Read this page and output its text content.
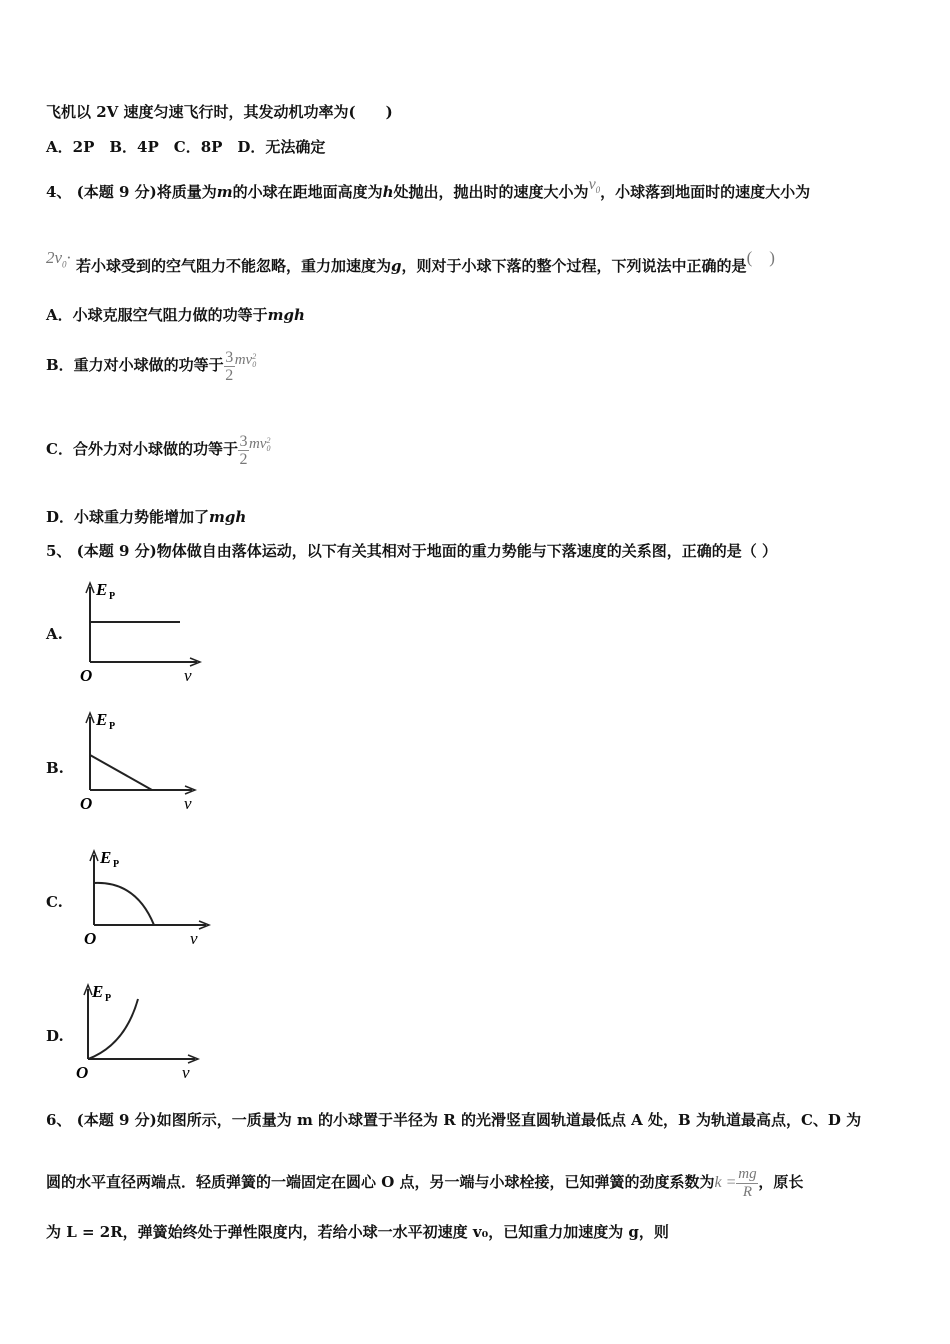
飞机以 2V 速度匀速飞行时，其发动机功率为(　　)
A．2P　B．4P　C．8P　D．无法确定
4、 (本题 9 分)将质量为m的小球在距地面高度为h处抛出，抛出时的速度大小为$v_0$，小球落到地面时的速度大小为
$2v_0\cdot$ 若小球受到的空气阻力不能忽略，重力加速度为g，则对于小球下落的整个过程，下列说法中正确的是(　)
A．小球克服空气阻力做的功等于mgh
B．重力对小球做的功等于 $\frac{3}{2}$ mv 2
0
C．合外力对小球做的功等于 $\frac{3}{2}$ mv 2
0
D．小球重力势能增加了mgh
5、 (本题 9 分)物体做自由落体运动，以下有关其相对于地面的重力势能与下落速度的关系图，正确的是（ ）
A.
E P
O	v
B.
E P
O	v
C.
E P
O	v
D.
E P
O	v
6、 (本题 9 分)如图所示，一质量为 m 的小球置于半径为 R 的光滑竖直圆轨道最低点 A 处，B 为轨道最高点，C、D 为
圆的水平直径两端点．轻质弹簧的一端固定在圆心 O 点，另一端与小球栓接，已知弹簧的劲度系数为$k = \frac{mg}{R}$ ，原长
为 L = 2R，弹簧始终处于弹性限度内，若给小球一水平初速度 v₀，已知重力加速度为 g，则
